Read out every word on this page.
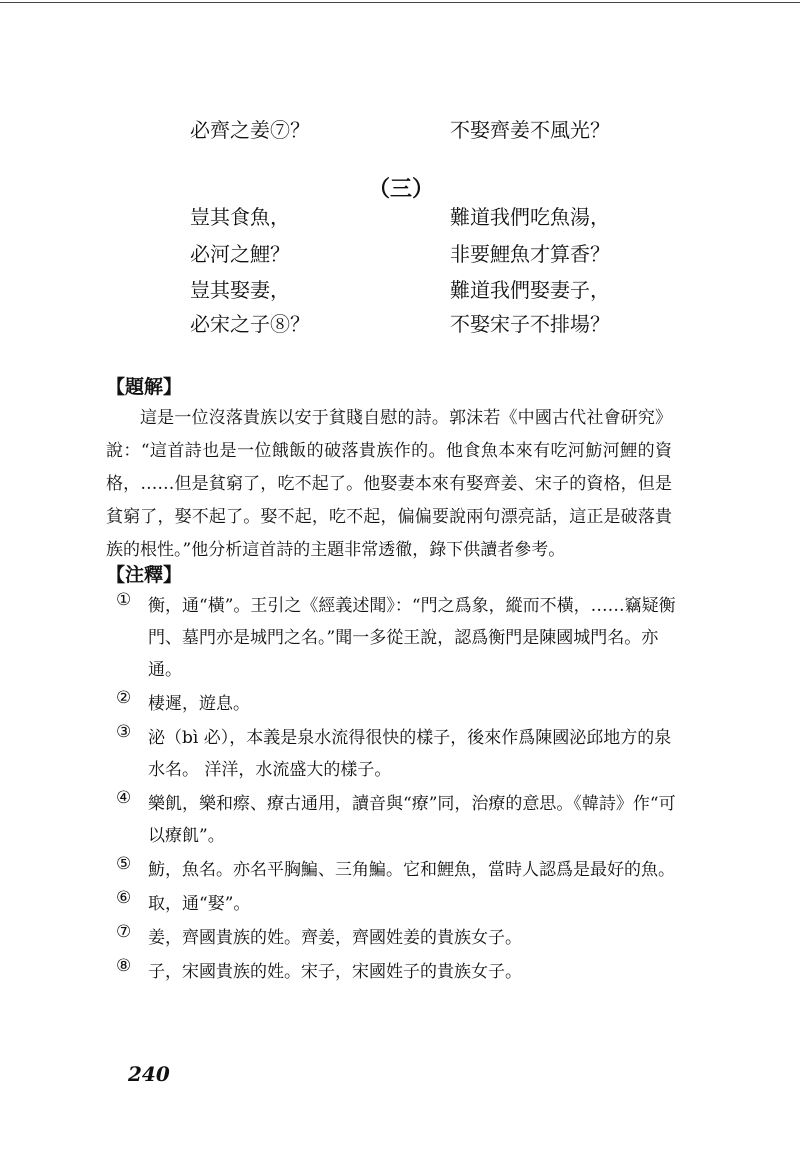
必齊之姜⑦？	不娶齊姜不風光？
（三）
豈其食魚，	難道我們吃魚湯，
必河之鯉？	非要鯉魚才算香？
豈其娶妻，	難道我們娶妻子，
必宋之子⑧？	不娶宋子不排場？
【題解】

這是一位沒落貴族以安于貧賤自慰的詩。郭沫若《中國古代社會研究》說：“這首詩也是一位餓飯的破落貴族作的。他食魚本來有吃河魴河鯉的資格，……但是貧窮了，吃不起了。他娶妻本來有娶齊姜、宋子的資格，但是貧窮了，娶不起了。娶不起，吃不起，偏偏要說兩句漂亮話，這正是破落貴族的根性。”他分析這首詩的主題非常透徹，錄下供讀者參考。

【注釋】
① 衡，通“橫”。王引之《經義述聞》：“門之爲象，縱而不橫，……竊疑衡門、墓門亦是城門之名。”聞一多從王說，認爲衡門是陳國城門名。亦通。
② 棲遲，遊息。
③ 泌（bì 必），本義是泉水流得很快的樣子，後來作爲陳國泌邱地方的泉水名。 洋洋，水流盛大的樣子。
④ 樂飢，樂和瘵、療古通用，讀音與“療”同，治療的意思。《韓詩》作“可以療飢”。
⑤ 魴，魚名。亦名平胸鯿、三角鯿。它和鯉魚，當時人認爲是最好的魚。
⑥ 取，通“娶”。
⑦ 姜，齊國貴族的姓。齊姜，齊國姓姜的貴族女子。
⑧ 子，宋國貴族的姓。宋子，宋國姓子的貴族女子。
240
